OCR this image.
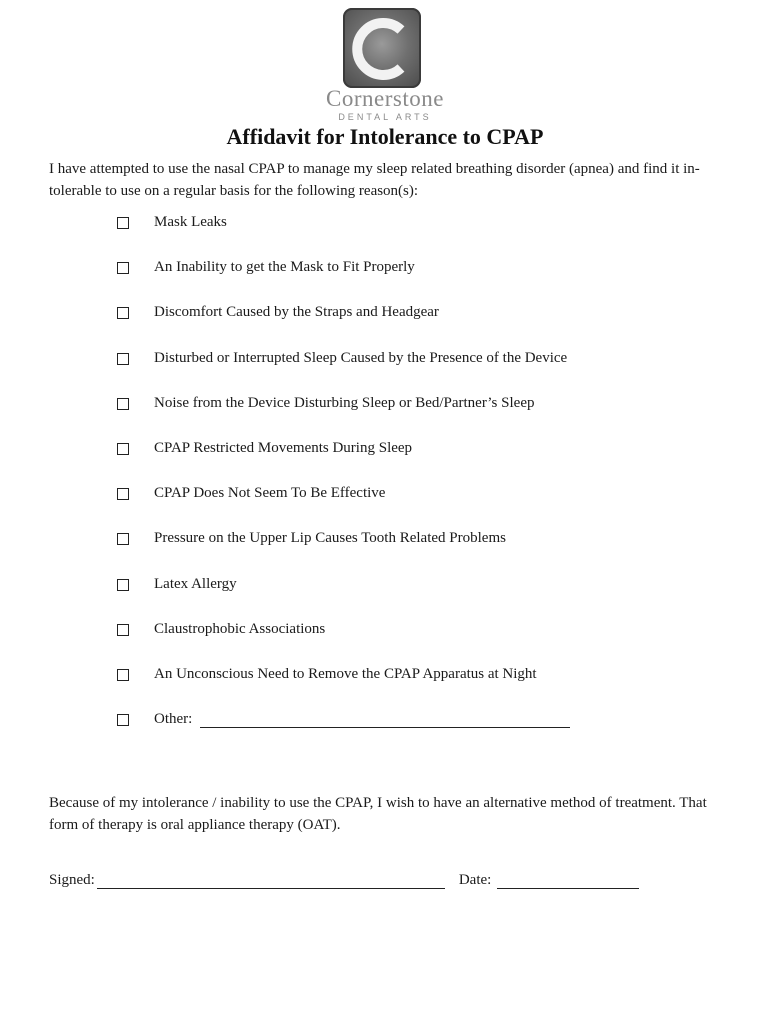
Cornerstone
DENTAL ARTS
Affidavit for Intolerance to CPAP
I have attempted to use the nasal CPAP to manage my sleep related breathing disorder (apnea) and find it in-tolerable to use on a regular basis for the following reason(s):
Mask Leaks
An Inability to get the Mask to Fit Properly
Discomfort Caused by the Straps and Headgear
Disturbed or Interrupted Sleep Caused by the Presence of the Device
Noise from the Device Disturbing Sleep or Bed/Partner’s Sleep
CPAP Restricted Movements During Sleep
CPAP Does Not Seem To Be Effective
Pressure on the Upper Lip Causes Tooth Related Problems
Latex Allergy
Claustrophobic Associations
An Unconscious Need to Remove the CPAP Apparatus at Night
Other:
Because of my intolerance / inability to use the CPAP, I wish to have an alternative method of treatment. That form of therapy is oral appliance therapy (OAT).
Signed:	Date:
